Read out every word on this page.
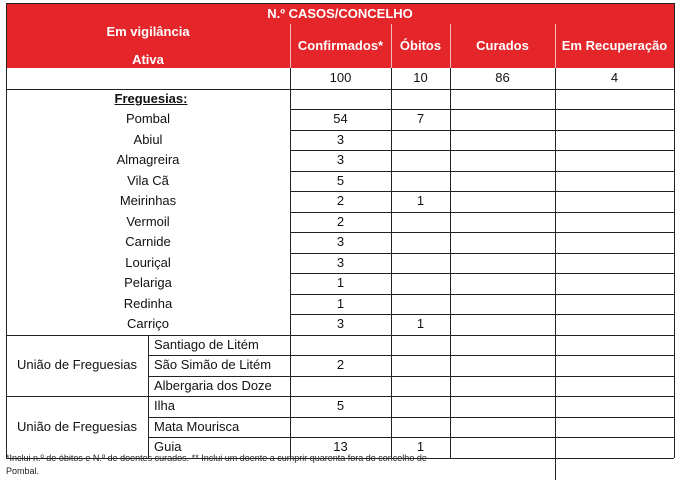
N.º CASOS/CONCELHO
Em vigilância

Ativa
Confirmados*	Óbitos	Curados	Em Recuperação
100	10	86	4
Freguesias:
Pombal	54	7
Abiul	3
Almagreira	3
Vila Cã	5
Meirinhas	2	1
Vermoil	2
Carnide	3
Louriçal	3
Pelariga	1
Redinha	1
Carriço	3	1
União de Freguesias
Santiago de Litém
São Simão de Litém	2
Albergaria dos Doze
União de Freguesias
Ilha	5
Mata Mourisca
Guia	13	1
*Inclui n.º de óbitos e N.º de doentes curados. ** Inclui um doente a cumprir quarenta fora do concelho de Pombal.
